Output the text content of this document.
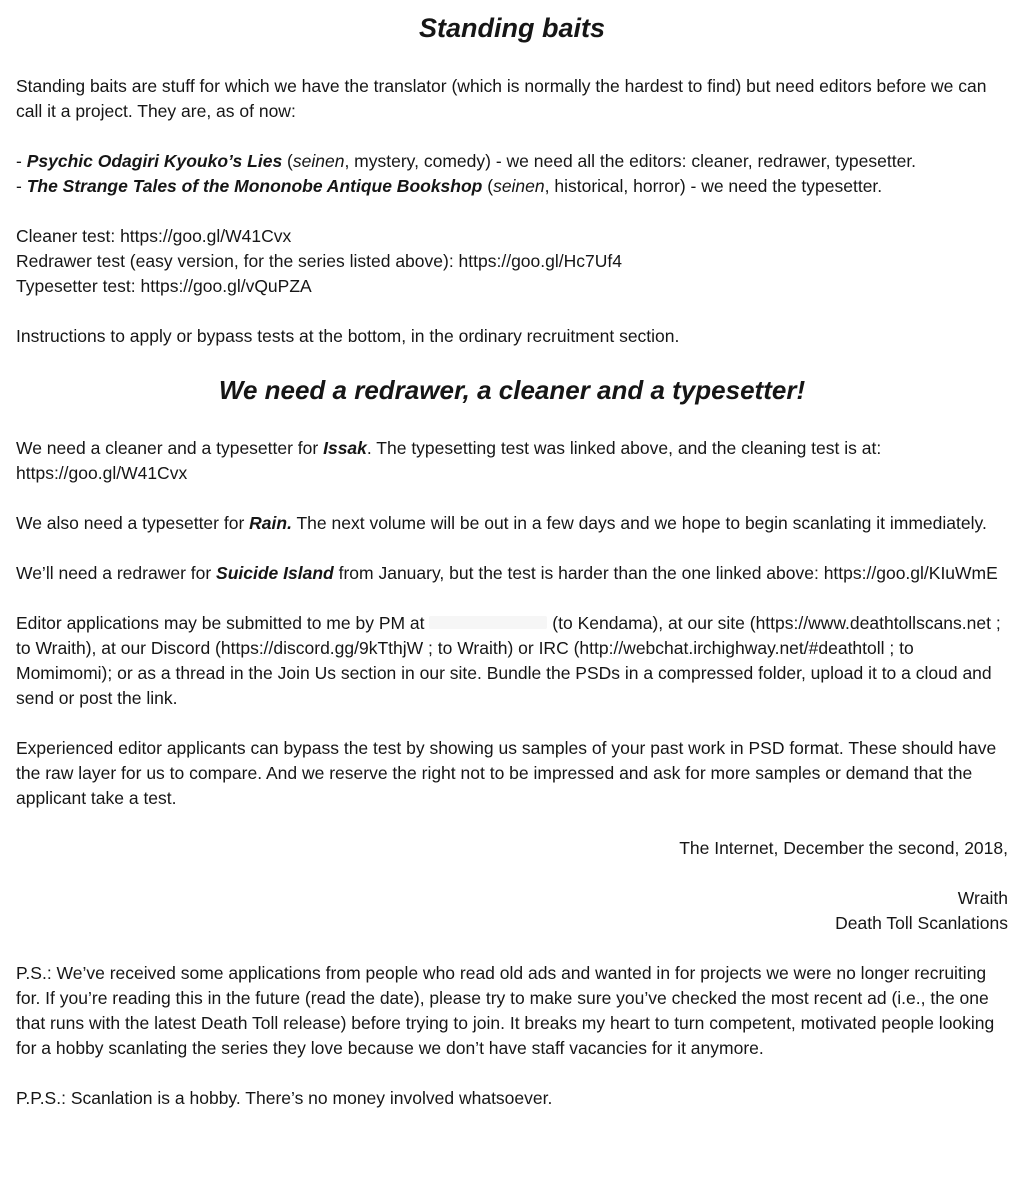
Standing baits

Standing baits are stuff for which we have the translator (which is normally the hardest to find) but need editors before we can call it a project. They are, as of now:

- Psychic Odagiri Kyouko’s Lies (seinen, mystery, comedy) - we need all the editors: cleaner, redrawer, typesetter.
- The Strange Tales of the Mononobe Antique Bookshop (seinen, historical, horror) - we need the typesetter.

Cleaner test: https://goo.gl/W41Cvx
Redrawer test (easy version, for the series listed above): https://goo.gl/Hc7Uf4
Typesetter test: https://goo.gl/vQuPZA

Instructions to apply or bypass tests at the bottom, in the ordinary recruitment section.

We need a redrawer, a cleaner and a typesetter!

We need a cleaner and a typesetter for Issak. The typesetting test was linked above, and the cleaning test is at: https://goo.gl/W41Cvx

We also need a typesetter for Rain. The next volume will be out in a few days and we hope to begin scanlating it immediately.

We’ll need a redrawer for Suicide Island from January, but the test is harder than the one linked above: https://goo.gl/KIuWmE

Editor applications may be submitted to me by PM at	(to Kendama), at our site (https://www.deathtollscans.net ; to Wraith), at our Discord (https://discord.gg/9kTthjW ; to Wraith) or IRC (http://webchat.irchighway.net/#deathtoll ; to Momimomi); or as a thread in the Join Us section in our site. Bundle the PSDs in a compressed folder, upload it to a cloud and send or post the link.

Experienced editor applicants can bypass the test by showing us samples of your past work in PSD format. These should have the raw layer for us to compare. And we reserve the right not to be impressed and ask for more samples or demand that the applicant take a test.

The Internet, December the second, 2018,

Wraith
Death Toll Scanlations

P.S.: We’ve received some applications from people who read old ads and wanted in for projects we were no longer recruiting for. If you’re reading this in the future (read the date), please try to make sure you’ve checked the most recent ad (i.e., the one that runs with the latest Death Toll release) before trying to join. It breaks my heart to turn competent, motivated people looking for a hobby scanlating the series they love because we don’t have staff vacancies for it anymore.

P.P.S.: Scanlation is a hobby. There’s no money involved whatsoever.
